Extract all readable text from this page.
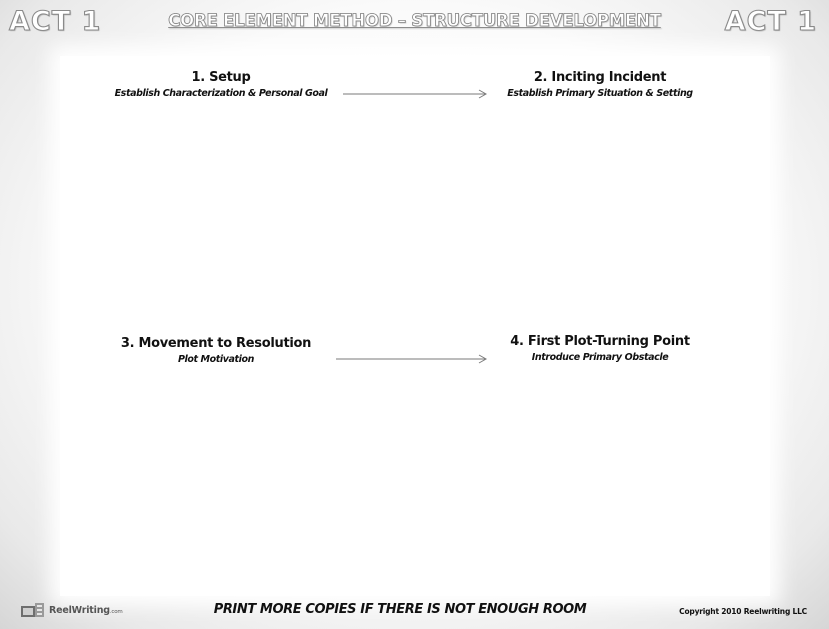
ACT 1	CORE ELEMENT METHOD – STRUCTURE DEVELOPMENT	ACT 1
1. Setup
Establish Characterization & Personal Goal
2. Inciting Incident
Establish Primary Situation & Setting
3. Movement to Resolution
Plot Motivation
4. First Plot-Turning Point
Introduce Primary Obstacle
ReelWriting.com	PRINT MORE COPIES IF THERE IS NOT ENOUGH ROOM	Copyright 2010 Reelwriting LLC
